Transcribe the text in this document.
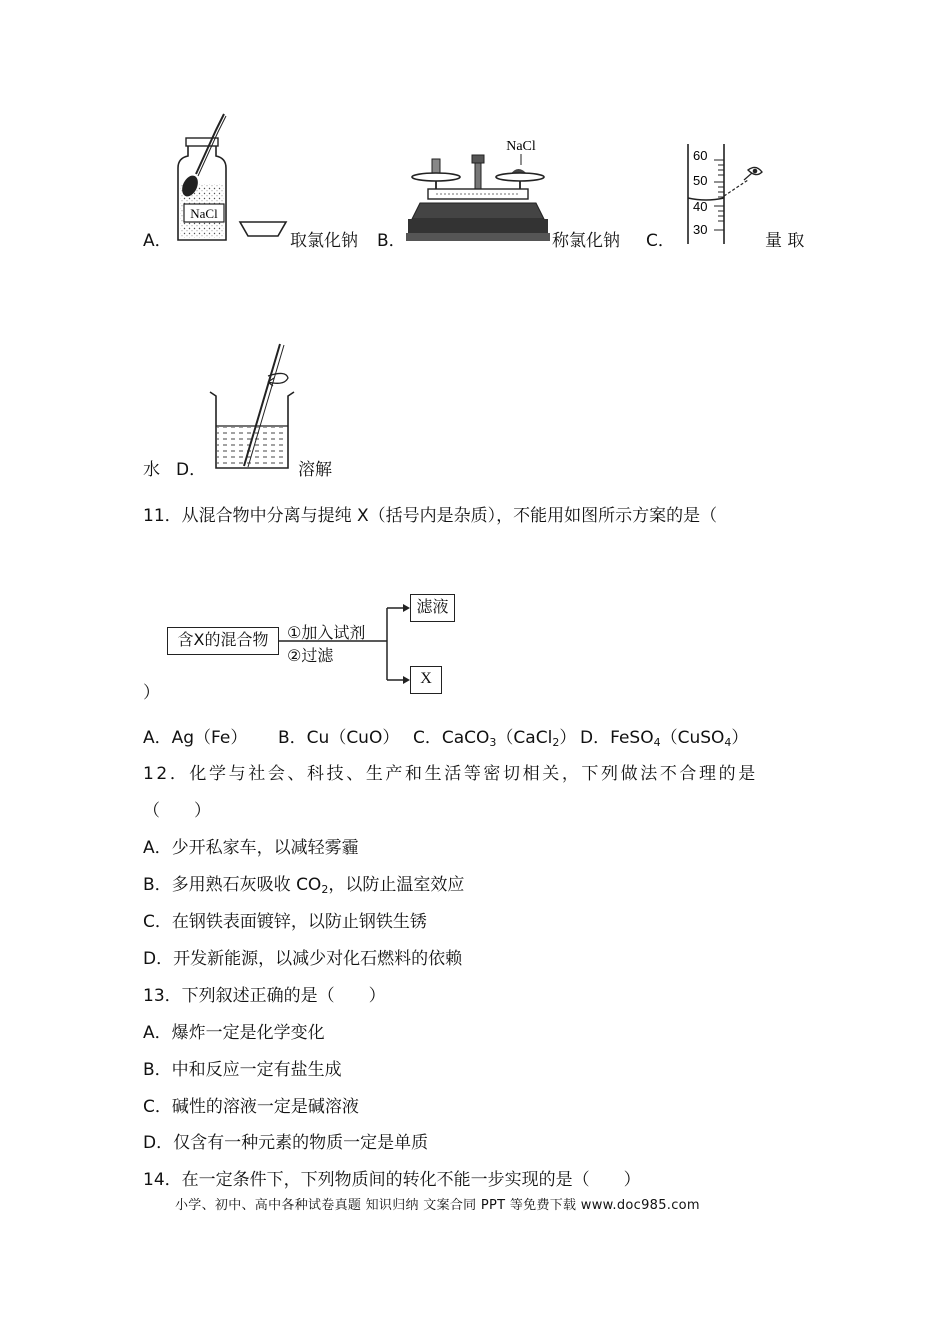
A．
NaCl
取氯化钠 B．
NaCl
称氯化钠 C．
60
50
40
30
量 取
水 D．	溶解
11．从混合物中分离与提纯 X（括号内是杂质），不能用如图所示方案的是（
含X的混合物	①加入试剂
②过滤
滤液
X
）
A．Ag（Fe） B．Cu（CuO） C．CaCO$_3$（CaCl$_2$） D．FeSO$_4$（CuSO$_4$）
12．化学与社会、科技、生产和生活等密切相关，下列做法不合理的是
（　　）
A．少开私家车，以减轻雾霾
B．多用熟石灰吸收 $CO_2$，以防止温室效应
C．在钢铁表面镀锌，以防止钢铁生锈
D．开发新能源，以减少对化石燃料的依赖
13．下列叙述正确的是（　　）
A．爆炸一定是化学变化
B．中和反应一定有盐生成
C．碱性的溶液一定是碱溶液
D．仅含有一种元素的物质一定是单质
14．在一定条件下，下列物质间的转化不能一步实现的是（　　）
小学、初中、高中各种试卷真题 知识归纳 文案合同 PPT 等免费下载 www.doc985.com
